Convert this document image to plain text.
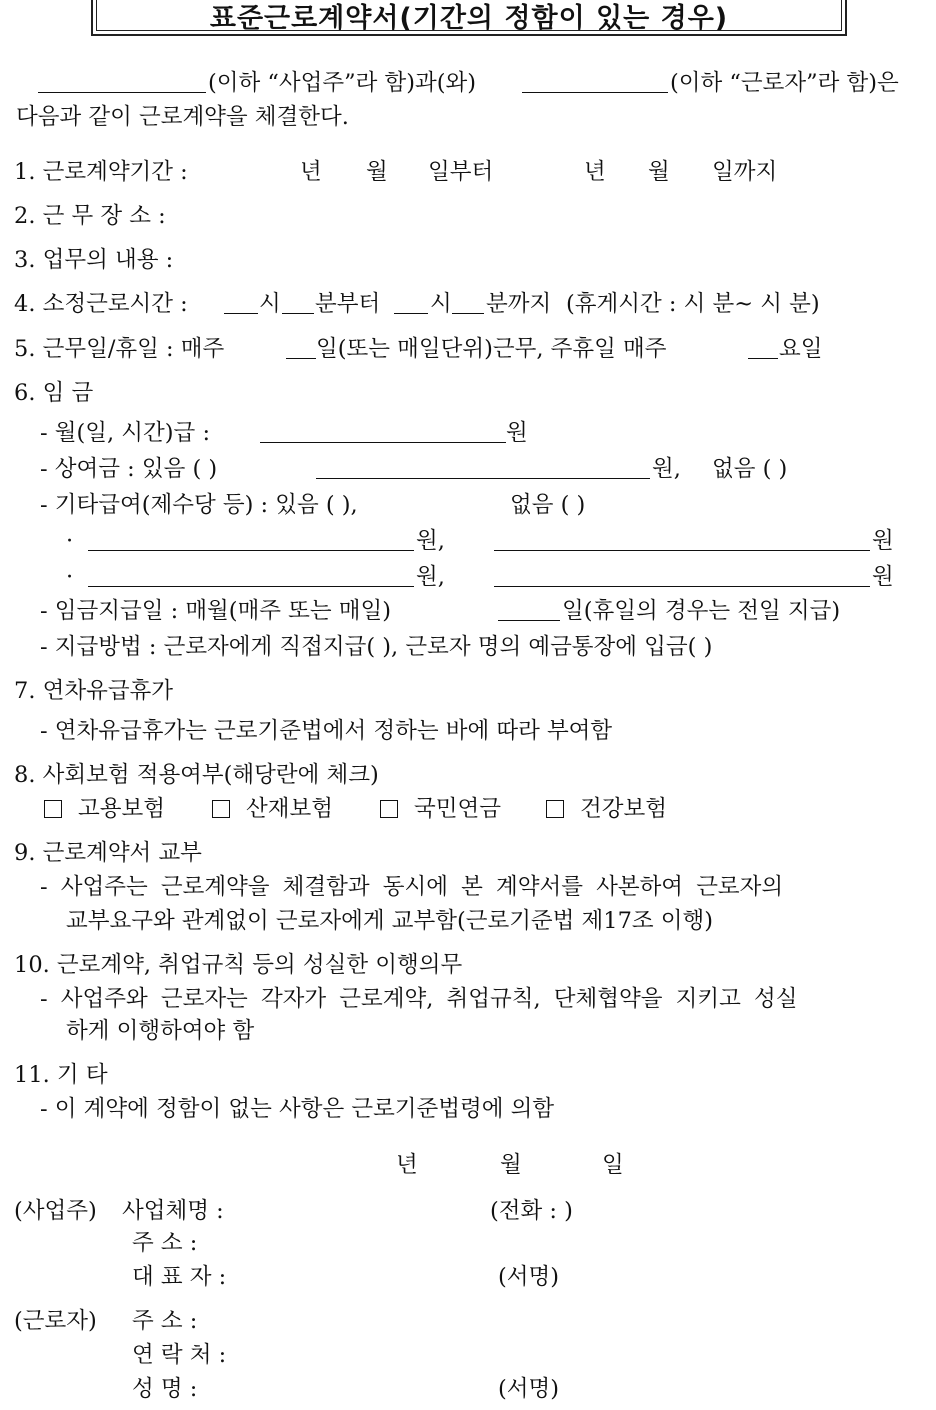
표준근로계약서(기간의 정함이 있는 경우)
(이하 “사업주”라 함)과(와)	(이하 “근로자”라 함)은
다음과 같이 근로계약을 체결한다.
1. 근로계약기간 :	년 월 일부터	년 월 일까지
2. 근 무 장 소 :
3. 업무의 내용 :
4. 소정근로시간 :	시 분부터 시 분까지 (휴게시간 : 시 분~ 시 분)
5. 근무일/휴일 : 매주	일(또는 매일단위)근무, 주휴일 매주	요일
6. 임 금
- 월(일, 시간)급 :	원
- 상여금 : 있음 ( )	원, 없음 ( )
- 기타급여(제수당 등) : 있음 ( ),	없음 ( )
·	원,	원
·	원,	원
- 임금지급일 : 매월(매주 또는 매일)	일(휴일의 경우는 전일 지급)
- 지급방법 : 근로자에게 직접지급( ), 근로자 명의 예금통장에 입금( )
7. 연차유급휴가
- 연차유급휴가는 근로기준법에서 정하는 바에 따라 부여함
8. 사회보험 적용여부(해당란에 체크)
고용보험	산재보험	국민연금	건강보험
9. 근로계약서 교부
- 사업주는 근로계약을 체결함과 동시에 본 계약서를 사본하여 근로자의
교부요구와 관계없이 근로자에게 교부함(근로기준법 제17조 이행)
10. 근로계약, 취업규칙 등의 성실한 이행의무
- 사업주와 근로자는 각자가 근로계약, 취업규칙, 단체협약을 지키고 성실
하게 이행하여야 함
11. 기 타
- 이 계약에 정함이 없는 사항은 근로기준법령에 의함
년	월	일
(사업주) 사업체명 :	(전화 : )
주 소 :
대 표 자 :	(서명)
(근로자) 주 소 :
연 락 처 :
성 명 :	(서명)
